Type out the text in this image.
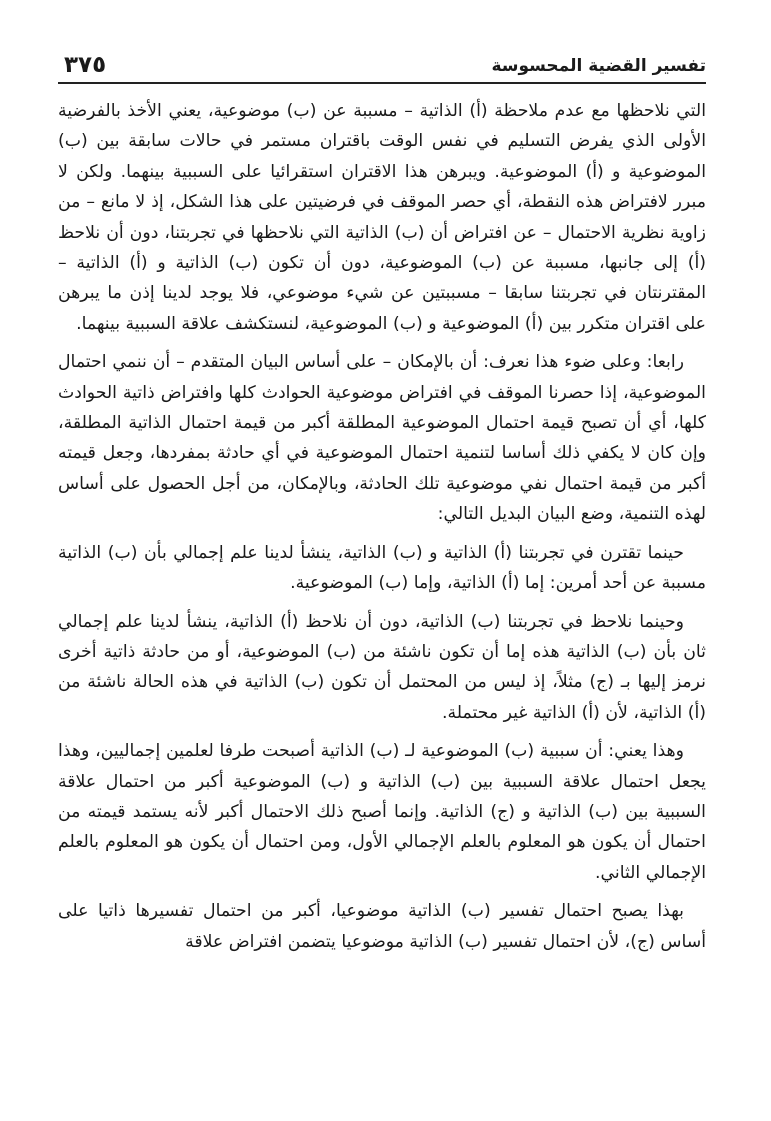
تفسير القضية المحسوسة
٣٧٥

التي نلاحظها مع عدم ملاحظة (أ) الذاتية – مسببة عن (ب) موضوعية، يعني الأخذ بالفرضية الأولى الذي يفرض التسليم في نفس الوقت باقتران مستمر في حالات سابقة بين (ب) الموضوعية و (أ) الموضوعية. ويبرهن هذا الاقتران استقرائيا على السببية بينهما. ولكن لا مبرر لافتراض هذه النقطة، أي حصر الموقف في فرضيتين على هذا الشكل، إذ لا مانع – من زاوية نظرية الاحتمال – عن افتراض أن (ب) الذاتية التي نلاحظها في تجربتنا، دون أن نلاحظ (أ) إلى جانبها، مسببة عن (ب) الموضوعية، دون أن تكون (ب) الذاتية و (أ) الذاتية – المقترنتان في تجربتنا سابقا – مسببتين عن شيء موضوعي، فلا يوجد لدينا إذن ما يبرهن على اقتران متكرر بين (أ) الموضوعية و (ب) الموضوعية، لنستكشف علاقة السببية بينهما.

رابعا: وعلى ضوء هذا نعرف: أن بالإمكان – على أساس البيان المتقدم – أن ننمي احتمال الموضوعية، إذا حصرنا الموقف في افتراض موضوعية الحوادث كلها وافتراض ذاتية الحوادث كلها، أي أن تصبح قيمة احتمال الموضوعية المطلقة أكبر من قيمة احتمال الذاتية المطلقة، وإن كان لا يكفي ذلك أساسا لتنمية احتمال الموضوعية في أي حادثة بمفردها، وجعل قيمته أكبر من قيمة احتمال نفي موضوعية تلك الحادثة، وبالإمكان، من أجل الحصول على أساس لهذه التنمية، وضع البيان البديل التالي:

حينما تقترن في تجربتنا (أ) الذاتية و (ب) الذاتية، ينشأ لدينا علم إجمالي بأن (ب) الذاتية مسببة عن أحد أمرين: إما (أ) الذاتية، وإما (ب) الموضوعية.

وحينما نلاحظ في تجربتنا (ب) الذاتية، دون أن نلاحظ (أ) الذاتية، ينشأ لدينا علم إجمالي ثان بأن (ب) الذاتية هذه إما أن تكون ناشئة من (ب) الموضوعية، أو من حادثة ذاتية أخرى نرمز إليها بـ (ج) مثلاً، إذ ليس من المحتمل أن تكون (ب) الذاتية في هذه الحالة ناشئة من (أ) الذاتية، لأن (أ) الذاتية غير محتملة.

وهذا يعني: أن سببية (ب) الموضوعية لـ (ب) الذاتية أصبحت طرفا لعلمين إجماليين، وهذا يجعل احتمال علاقة السببية بين (ب) الذاتية و (ب) الموضوعية أكبر من احتمال علاقة السببية بين (ب) الذاتية و (ج) الذاتية. وإنما أصبح ذلك الاحتمال أكبر لأنه يستمد قيمته من احتمال أن يكون هو المعلوم بالعلم الإجمالي الأول، ومن احتمال أن يكون هو المعلوم بالعلم الإجمالي الثاني.

بهذا يصبح احتمال تفسير (ب) الذاتية موضوعيا، أكبر من احتمال تفسيرها ذاتيا على أساس (ج)، لأن احتمال تفسير (ب) الذاتية موضوعيا يتضمن افتراض علاقة
